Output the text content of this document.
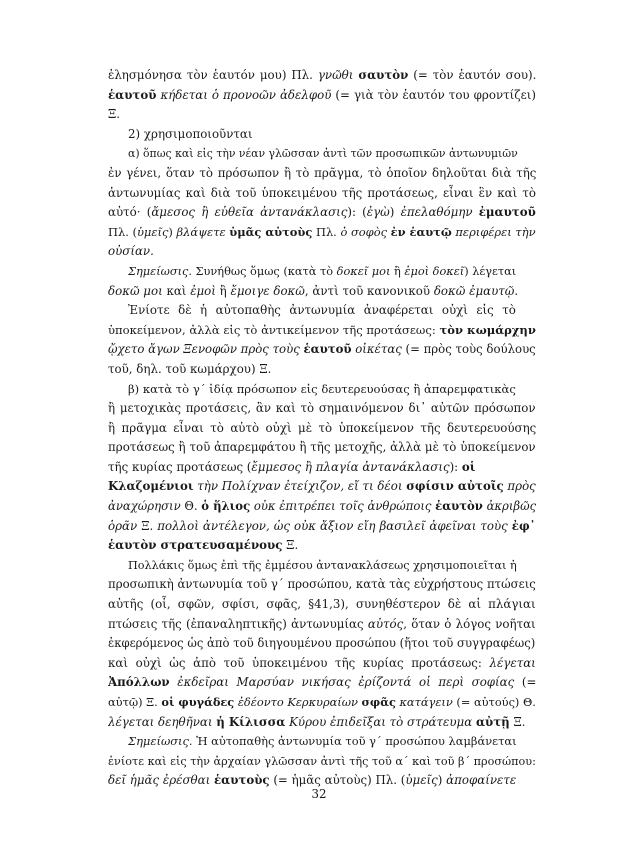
ἐλησμόνησα τὸν ἑαυτόν μου) Πλ. γνῶθι σαυτὸν (= τὸν ἑαυτόν σου).
ἑαυτοῦ κήδεται ὁ προνοῶν ἀδελφοῦ (= γιὰ τὸν ἑαυτόν του φροντίζει)
Ξ.
2) χρησιμοποιοῦνται
α) ὅπως καὶ εἰς τὴν νέαν γλῶσσαν ἀντὶ τῶν προσωπικῶν ἀντωνυμιῶν
ἐν γένει, ὅταν τὸ πρόσωπον ἢ τὸ πρᾶγμα, τὸ ὁποῖον δηλοῦται διὰ τῆς
ἀντωνυμίας καὶ διὰ τοῦ ὑποκειμένου τῆς προτάσεως, εἶναι ἓν καὶ τὸ
αὐτό· (ἄμεσος ἢ εὐθεῖα ἀντανάκλασις): (ἐγὼ) ἐπελαθόμην ἐμαυτοῦ
Πλ. (ὑμεῖς) βλάψετε ὑμᾶς αὐτοὺς Πλ. ὁ σοφὸς ἐν ἑαυτῷ περιφέρει τὴν
οὐσίαν.
Σημείωσις. Συνήθως ὅμως (κατὰ τὸ δοκεῖ μοι ἢ ἐμοὶ δοκεῖ) λέγεται
δοκῶ μοι καὶ ἐμοὶ ἢ ἔμοιγε δοκῶ, ἀντὶ τοῦ κανονικοῦ δοκῶ ἐμαυτῷ.
Ἐνίοτε δὲ ἡ αὐτοπαθὴς ἀντωνυμία ἀναφέρεται οὐχὶ εἰς τὸ
ὑποκείμενον, ἀλλὰ εἰς τὸ ἀντικείμενον τῆς προτάσεως: τὸν κωμάρχην
ᾤχετο ἄγων Ξενοφῶν πρὸς τοὺς ἑαυτοῦ οἰκέτας (= πρὸς τοὺς δούλους
τοῦ, δηλ. τοῦ κωμάρχου) Ξ.
β) κατὰ τὸ γ´ ἰδίᾳ πρόσωπον εἰς δευτερευούσας ἢ ἀπαρεμφατικὰς
ἢ μετοχικὰς προτάσεις, ἂν καὶ τὸ σημαινόμενον δι᾽ αὐτῶν πρόσωπον
ἢ πρᾶγμα εἶναι τὸ αὐτὸ οὐχὶ μὲ τὸ ὑποκείμενον τῆς δευτερευούσης
προτάσεως ἢ τοῦ ἀπαρεμφάτου ἢ τῆς μετοχῆς, ἀλλὰ μὲ τὸ ὑποκείμενον
τῆς κυρίας προτάσεως (ἔμμεσος ἢ πλαγία ἀντανάκλασις): οἱ
Κλαζομένιοι τὴν Πολίχναν ἐτείχιζον, εἴ τι δέοι σφίσιν αὐτοῖς πρὸς
ἀναχώρησιν Θ. ὁ ἥλιος οὐκ ἐπιτρέπει τοῖς ἀνθρώποις ἑαυτὸν ἀκριβῶς
ὁρᾶν Ξ. πολλοὶ ἀντέλεγον, ὡς οὐκ ἄξιον εἴη βασιλεῖ ἀφεῖναι τοὺς ἐφ᾽
ἑαυτὸν στρατευσαμένους Ξ.
Πολλάκις ὅμως ἐπὶ τῆς ἐμμέσου ἀντανακλάσεως χρησιμοποιεῖται ἡ
προσωπικὴ ἀντωνυμία τοῦ γ´ προσώπου, κατὰ τὰς εὐχρήστους πτώσεις
αὐτῆς (οἷ, σφῶν, σφίσι, σφᾶς, §41,3), συνηθέστερον δὲ αἱ πλάγιαι
πτώσεις τῆς (ἐπαναληπτικῆς) ἀντωνυμίας αὐτός, ὅταν ὁ λόγος νοῆται
ἐκφερόμενος ὡς ἀπὸ τοῦ διηγουμένου προσώπου (ἤτοι τοῦ συγγραφέως)
καὶ οὐχὶ ὡς ἀπὸ τοῦ ὑποκειμένου τῆς κυρίας προτάσεως: λέγεται
Ἀπόλλων ἐκδεῖραι Μαρσύαν νικήσας ἐρίζοντά οἱ περὶ σοφίας (=
αὐτῷ) Ξ. οἱ φυγάδες ἐδέοντο Κερκυραίων σφᾶς κατάγειν (= αὐτούς) Θ.
λέγεται δεηθῆναι ἡ Κίλισσα Κύρου ἐπιδεῖξαι τὸ στράτευμα αὐτῇ Ξ.
Σημείωσις. Ἡ αὐτοπαθὴς ἀντωνυμία τοῦ γ´ προσώπου λαμβάνεται
ἐνίοτε καὶ εἰς τὴν ἀρχαίαν γλῶσσαν ἀντὶ τῆς τοῦ α´ καὶ τοῦ β´ προσώπου:
δεῖ ἡμᾶς ἐρέσθαι ἑαυτοὺς (= ἡμᾶς αὐτοὺς) Πλ. (ὑμεῖς) ἀποφαίνετε
32
